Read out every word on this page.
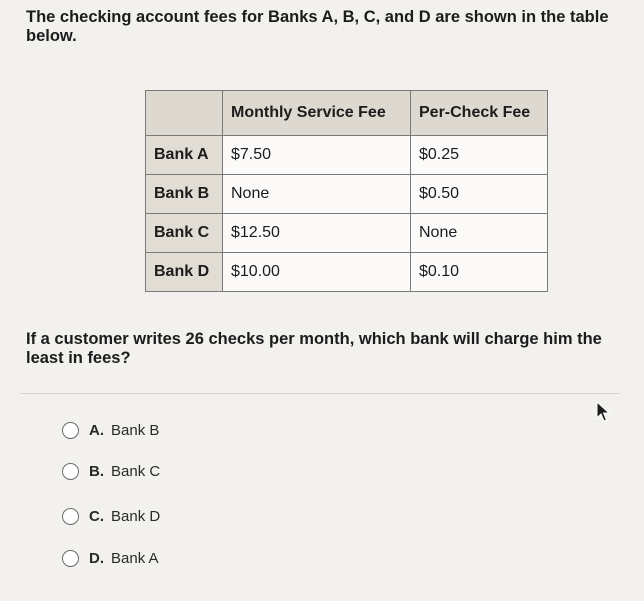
The checking account fees for Banks A, B, C, and D are shown in the table below.
	Monthly Service Fee	Per-Check Fee
Bank A	$7.50	$0.25
Bank B	None	$0.50
Bank C	$12.50	None
Bank D	$10.00	$0.10
If a customer writes 26 checks per month, which bank will charge him the least in fees?
A. Bank B
B. Bank C
C. Bank D
D. Bank A
